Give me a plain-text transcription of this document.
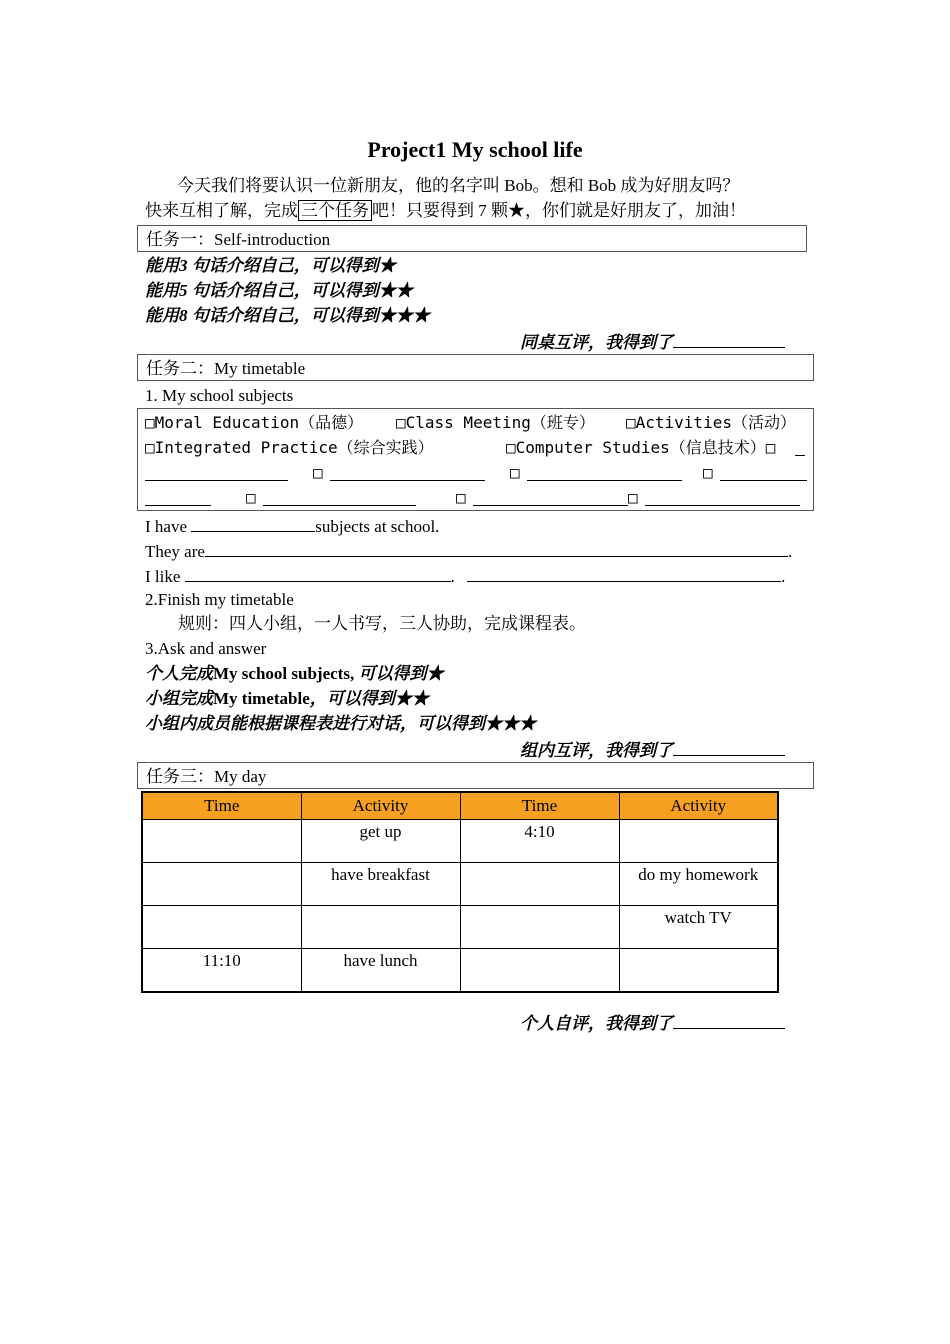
Project1 My school life
今天我们将要认识一位新朋友，他的名字叫 Bob。想和 Bob 成为好朋友吗？
快来互相了解，完成 三个任务 吧！只要得到 7 颗★，你们就是好朋友了，加油！
任务一：Self-introduction
能用3 句话介绍自己，可以得到★
能用5 句话介绍自己，可以得到★★
能用8 句话介绍自己，可以得到★★★
同桌互评，我得到了
任务二：My timetable
1. My school subjects
□Moral Education（品德） □Class Meeting（班专） □Activities（活动）
□Integrated Practice（综合实践）	□Computer Studies（信息技术）□
□	□	□
□	□	□
I have	subjects at school.
They are	.
I like	.	.
2.Finish my timetable
规则：四人小组，一人书写，三人协助，完成课程表。
3.Ask and answer
个人完成My school subjects, 可以得到★
小组完成My timetable，可以得到★★
小组内成员能根据课程表进行对话，可以得到★★★
组内互评，我得到了
任务三：My day
Time	Activity	Time	Activity
	get up	4:10	
	have breakfast		do my homework
			watch TV
11:10	have lunch		
个人自评，我得到了
